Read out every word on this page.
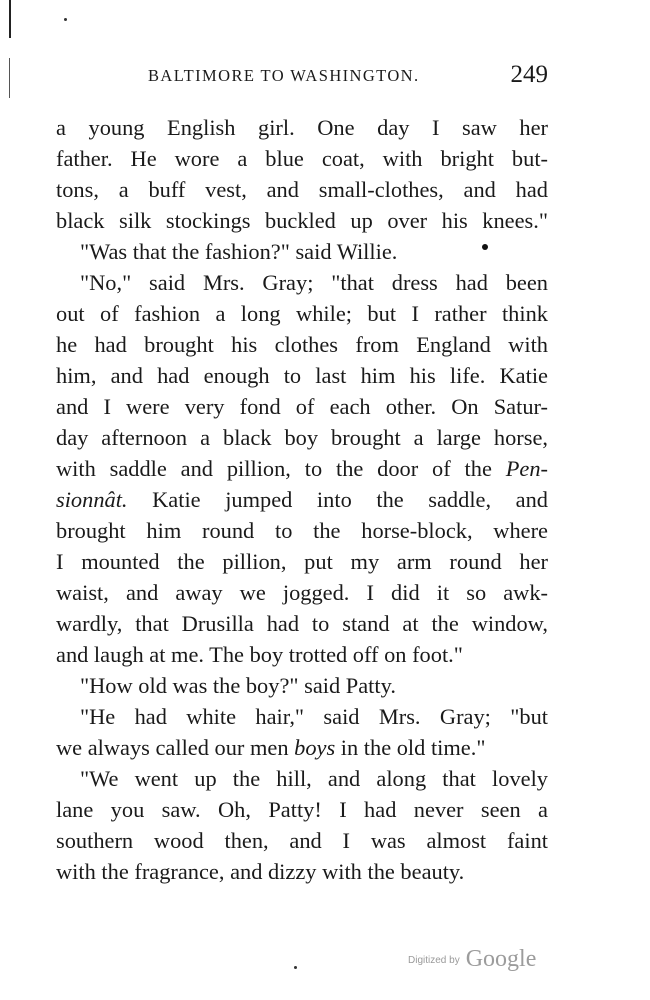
BALTIMORE TO WASHINGTON.	249
a young English girl. One day I saw her
father. He wore a blue coat, with bright but-
tons, a buff vest, and small-clothes, and had
black silk stockings buckled up over his knees."
"Was that the fashion?" said Willie.
"No," said Mrs. Gray; "that dress had been
out of fashion a long while; but I rather think
he had brought his clothes from England with
him, and had enough to last him his life. Katie
and I were very fond of each other. On Satur-
day afternoon a black boy brought a large horse,
with saddle and pillion, to the door of the Pen-
sionnât. Katie jumped into the saddle, and
brought him round to the horse-block, where
I mounted the pillion, put my arm round her
waist, and away we jogged. I did it so awk-
wardly, that Drusilla had to stand at the window,
and laugh at me. The boy trotted off on foot."
"How old was the boy?" said Patty.
"He had white hair," said Mrs. Gray; "but
we always called our men boys in the old time."
"We went up the hill, and along that lovely
lane you saw. Oh, Patty! I had never seen a
southern wood then, and I was almost faint
with the fragrance, and dizzy with the beauty.
Digitized by Google
